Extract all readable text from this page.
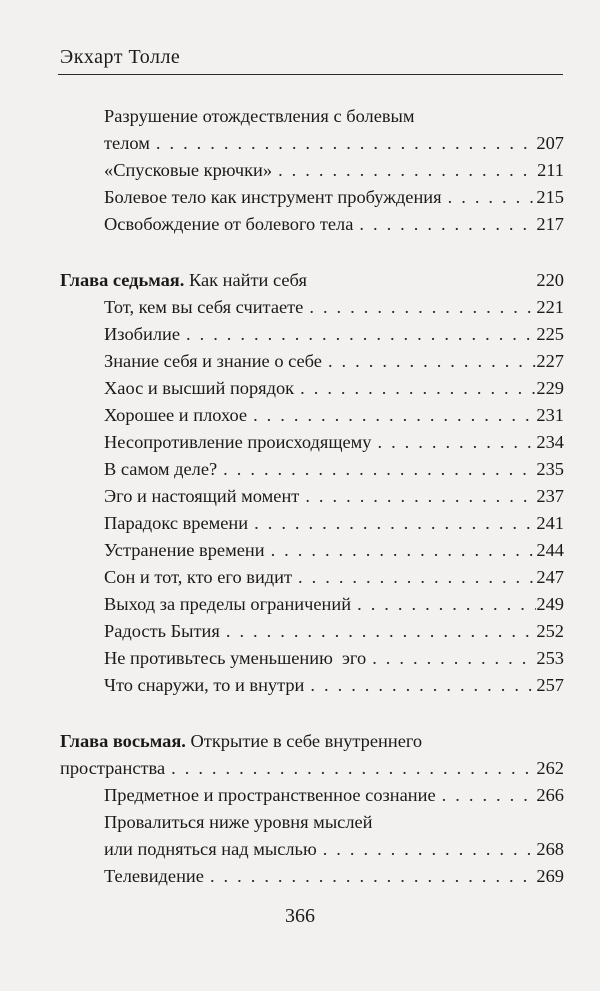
Экхарт Толле
Разрушение отождествления с болевым
телом . . .	207
«Спусковые крючки» . . .	211
Болевое тело как инструмент пробуждения . . .	215
Освобождение от болевого тела . . .	217
Глава седьмая. Как найти себя	220
Тот, кем вы себя считаете . . .	221
Изобилие . . .	225
Знание себя и знание о себе . . .	227
Хаос и высший порядок . . .	229
Хорошее и плохое . . .	231
Несопротивление происходящему . . .	234
В самом деле? . . .	235
Эго и настоящий момент . . .	237
Парадокс времени . . .	241
Устранение времени . . .	244
Сон и тот, кто его видит . . .	247
Выход за пределы ограничений . . .	249
Радость Бытия . . .	252
Не противьтесь уменьшению  эго . . .	253
Что снаружи, то и внутри . . .	257
Глава восьмая. Открытие в себе внутреннего
пространства . . .	262
Предметное и пространственное сознание . . .	266
Провалиться ниже уровня мыслей
или подняться над мыслью . . .	268
Телевидение . . .	269
366
